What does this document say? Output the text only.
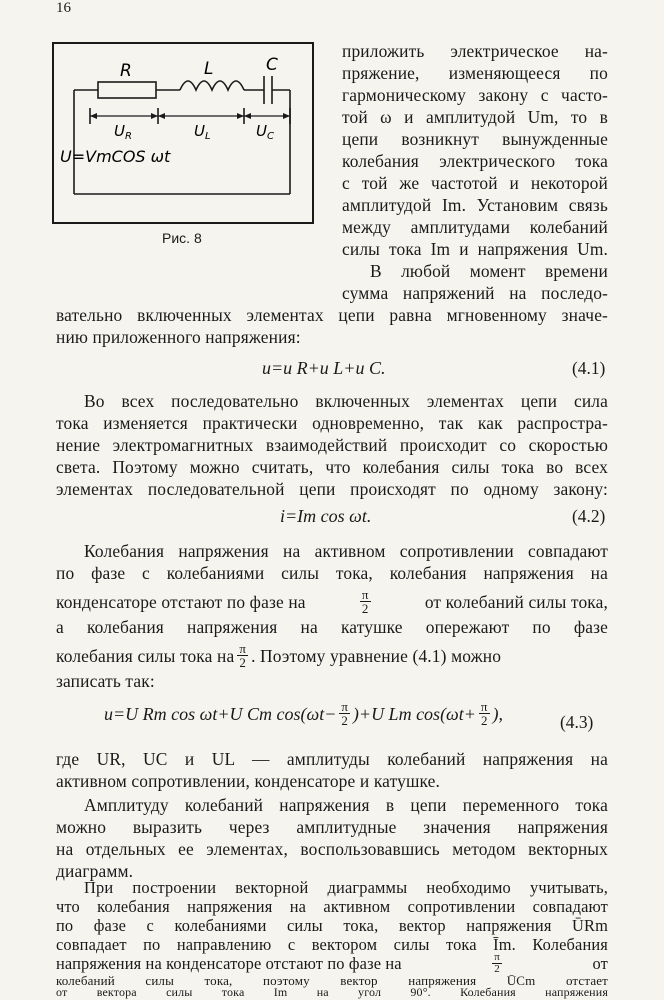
R	L	C
$U_R$	$U_L$	$U_C$
U=VmCOS ωt
Рис. 8
приложить электрическое на-
пряжение, изменяющееся по
гармоническому закону с часто-
той ω и амплитудой Um, то в
цепи возникнут вынужденные
колебания электрического тока
с той же частотой и некоторой
амплитудой Im. Установим связь
между амплитудами колебаний
силы тока Im и напряжения Um.
В любой момент времени
сумма напряжений на последо-
вательно включенных элементах цепи равна мгновенному значе-
нию приложенного напряжения:
u=u R+u L+u C.	(4.1)
Во всех последовательно включенных элементах цепи сила
тока изменяется практически одновременно, так как распростра-
нение электромагнитных взаимодействий происходит со скоростью
света. Поэтому можно считать, что колебания силы тока во всех
элементах последовательной цепи происходят по одному закону:
i=Im cos ωt.	(4.2)
Колебания напряжения на активном сопротивлении совпадают
по фазе с колебаниями силы тока, колебания напряжения на
конденсаторе отстают по фазе на	$\frac{\pi}{2}$	от колебаний силы тока,
а колебания напряжения на катушке опережают по фазе
колебания силы тока на $\frac{\pi}{2}$ . Поэтому уравнение (4.1) можно
записать так:
u=U Rm cos ωt+U Cm $\cos(\omega t- \frac{\pi}{2} )+U$ Lm $\cos(\omega t+ \frac{\pi}{2}$ ),	(4.3)
где UR, UC и UL — амплитуды колебаний напряжения на
активном сопротивлении, конденсаторе и катушке.
Амплитуду колебаний напряжения в цепи переменного тока
можно выразить через амплитудные значения напряжения
на отдельных ее элементах, воспользовавшись методом векторных
диаграмм.
При построении векторной диаграммы необходимо учитывать,
что колебания напряжения на активном сопротивлении совпадают
по фазе с колебаниями силы тока, вектор напряжения ŪRm
совпадает по направлению с вектором силы тока Īm. Колебания
напряжения на конденсаторе отстают по фазе на	$\frac{\pi}{2}$	от
колебаний силы тока, поэтому вектор напряжения ŪCm отстает
от вектора силы тока Im на угол 90°. Колебания напряжения
16
